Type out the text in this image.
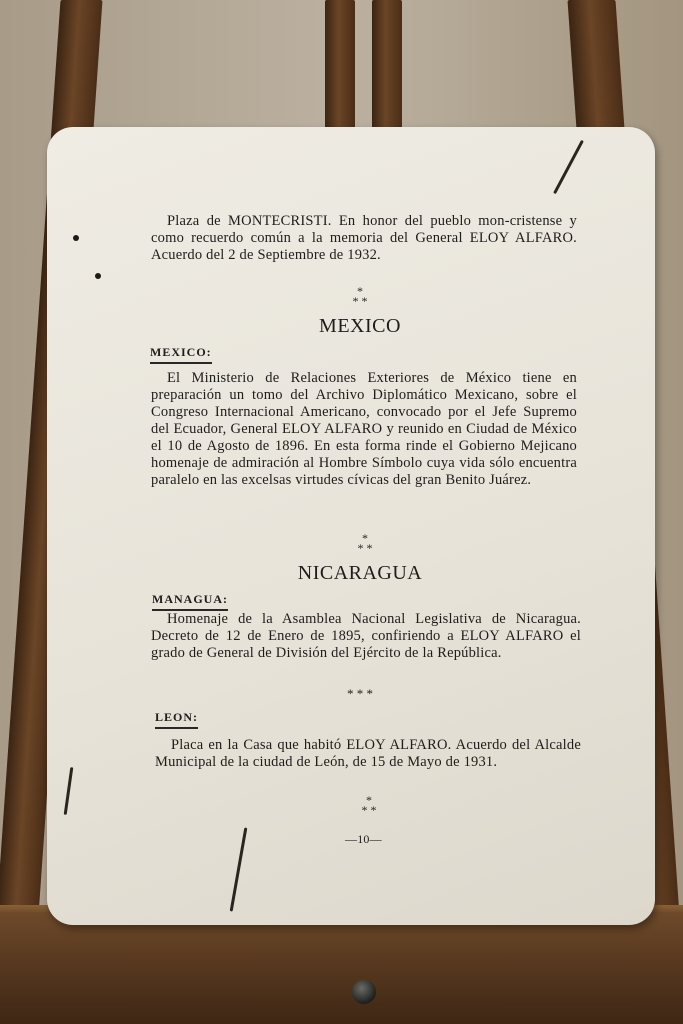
Plaza de MONTECRISTI. En honor del pueblo mon-cristense y como recuerdo común a la memoria del General ELOY ALFARO. Acuerdo del 2 de Septiembre de 1932.
*
* *
MEXICO
MEXICO:
El Ministerio de Relaciones Exteriores de México tiene en preparación un tomo del Archivo Diplomático Mexicano, sobre el Congreso Internacional Americano, convocado por el Jefe Supremo del Ecuador, General ELOY ALFARO y reunido en Ciudad de México el 10 de Agosto de 1896. En esta forma rinde el Gobierno Mejicano homenaje de admiración al Hombre Símbolo cuya vida sólo encuentra paralelo en las excelsas virtudes cívicas del gran Benito Juárez.
*
* *
NICARAGUA
MANAGUA:
Homenaje de la Asamblea Nacional Legislativa de Nicaragua. Decreto de 12 de Enero de 1895, confiriendo a ELOY ALFARO el grado de General de División del Ejército de la República.
* * *
LEON:
Placa en la Casa que habitó ELOY ALFARO. Acuerdo del Alcalde Municipal de la ciudad de León, de 15 de Mayo de 1931.
*
* *
—10—
